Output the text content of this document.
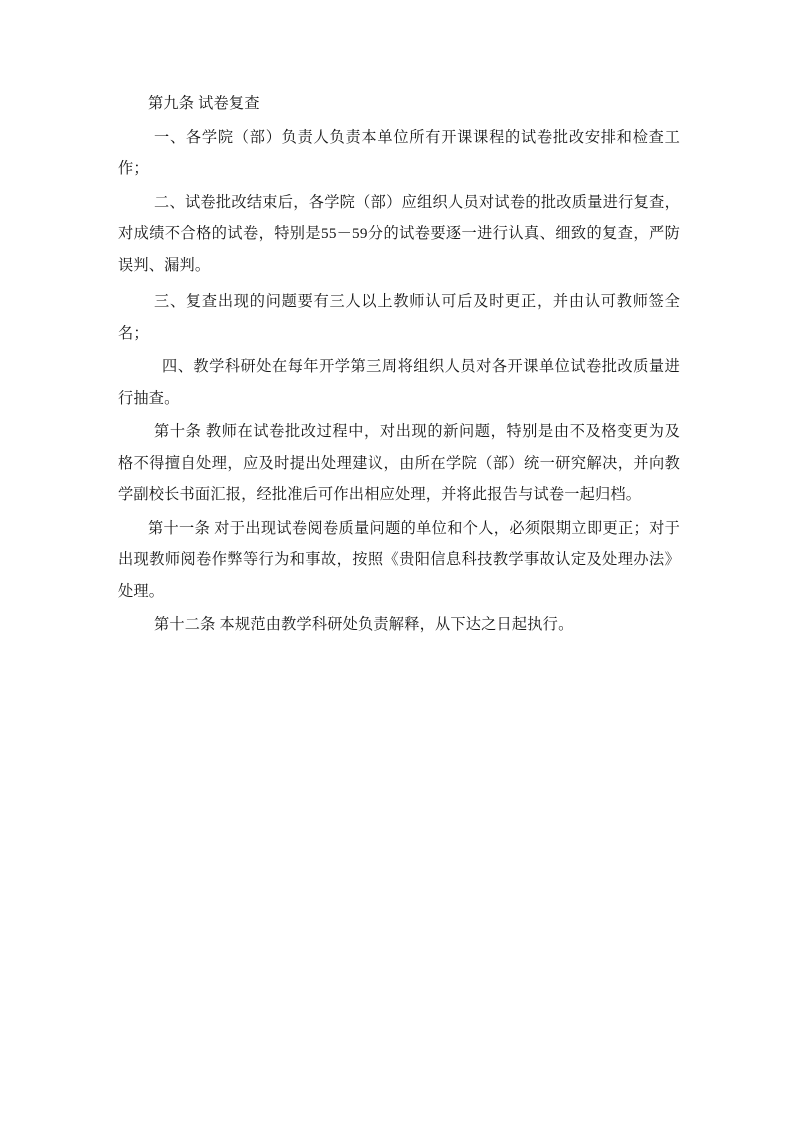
第九条 试卷复查

一、各学院（部）负责人负责本单位所有开课课程的试卷批改安排和检查工作；

二、试卷批改结束后，各学院（部）应组织人员对试卷的批改质量进行复查，对成绩不合格的试卷，特别是55－59分的试卷要逐一进行认真、细致的复查，严防误判、漏判。

三、复查出现的问题要有三人以上教师认可后及时更正，并由认可教师签全名；

四、教学科研处在每年开学第三周将组织人员对各开课单位试卷批改质量进行抽查。

第十条 教师在试卷批改过程中，对出现的新问题，特别是由不及格变更为及格不得擅自处理，应及时提出处理建议，由所在学院（部）统一研究解决，并向教学副校长书面汇报，经批准后可作出相应处理，并将此报告与试卷一起归档。

第十一条 对于出现试卷阅卷质量问题的单位和个人，必须限期立即更正；对于出现教师阅卷作弊等行为和事故，按照《贵阳信息科技教学事故认定及处理办法》处理。

第十二条 本规范由教学科研处负责解释，从下达之日起执行。
